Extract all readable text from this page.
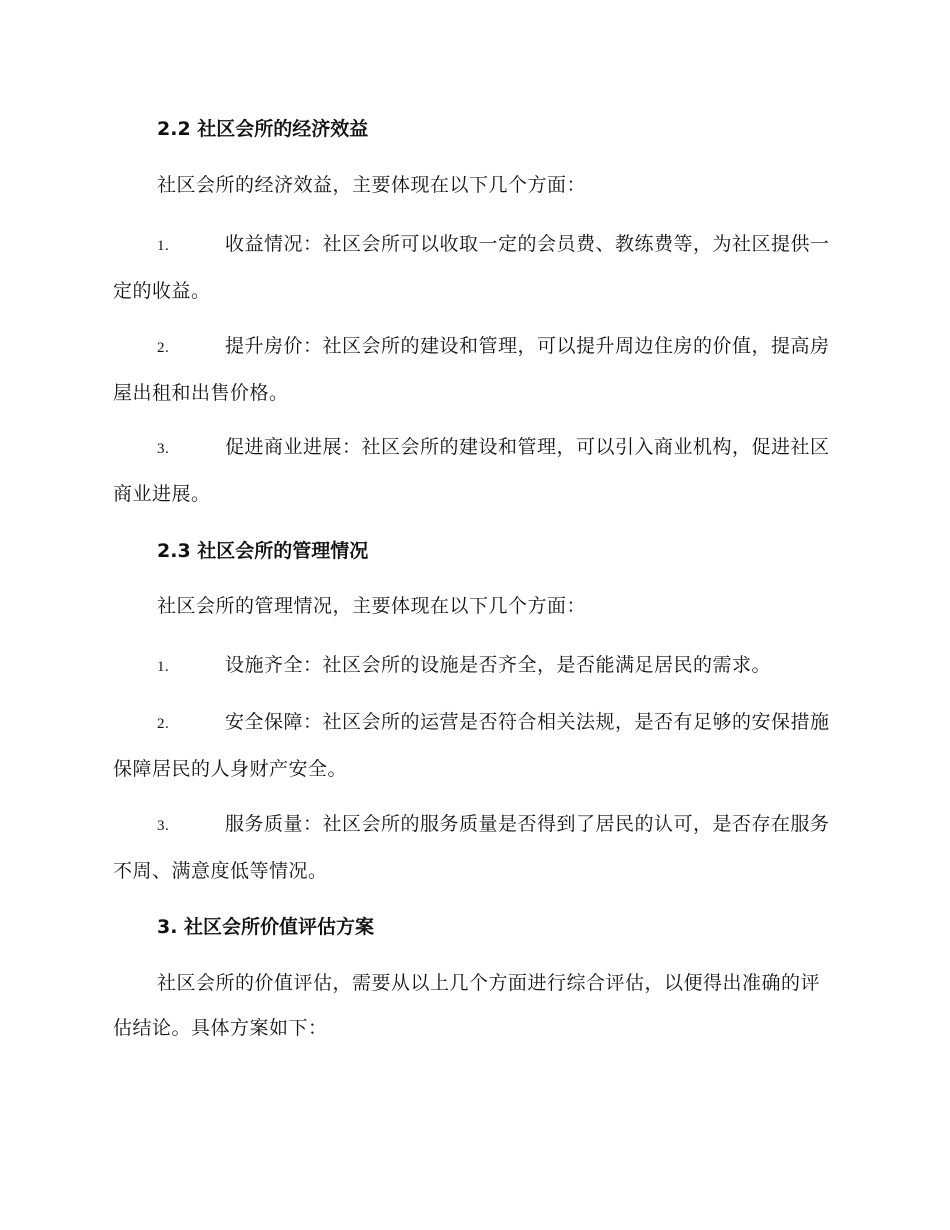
2.2 社区会所的经济效益
社区会所的经济效益，主要体现在以下几个方面：
1.	收益情况：社区会所可以收取一定的会员费、教练费等，为社区提供一定的收益。
2.	提升房价：社区会所的建设和管理，可以提升周边住房的价值，提高房屋出租和出售价格。
3.	促进商业进展：社区会所的建设和管理，可以引入商业机构，促进社区商业进展。
2.3 社区会所的管理情况
社区会所的管理情况，主要体现在以下几个方面：
1.	设施齐全：社区会所的设施是否齐全，是否能满足居民的需求。
2.	安全保障：社区会所的运营是否符合相关法规，是否有足够的安保措施保障居民的人身财产安全。
3.	服务质量：社区会所的服务质量是否得到了居民的认可，是否存在服务不周、满意度低等情况。
3. 社区会所价值评估方案
社区会所的价值评估，需要从以上几个方面进行综合评估，以便得出准确的评估结论。具体方案如下：
